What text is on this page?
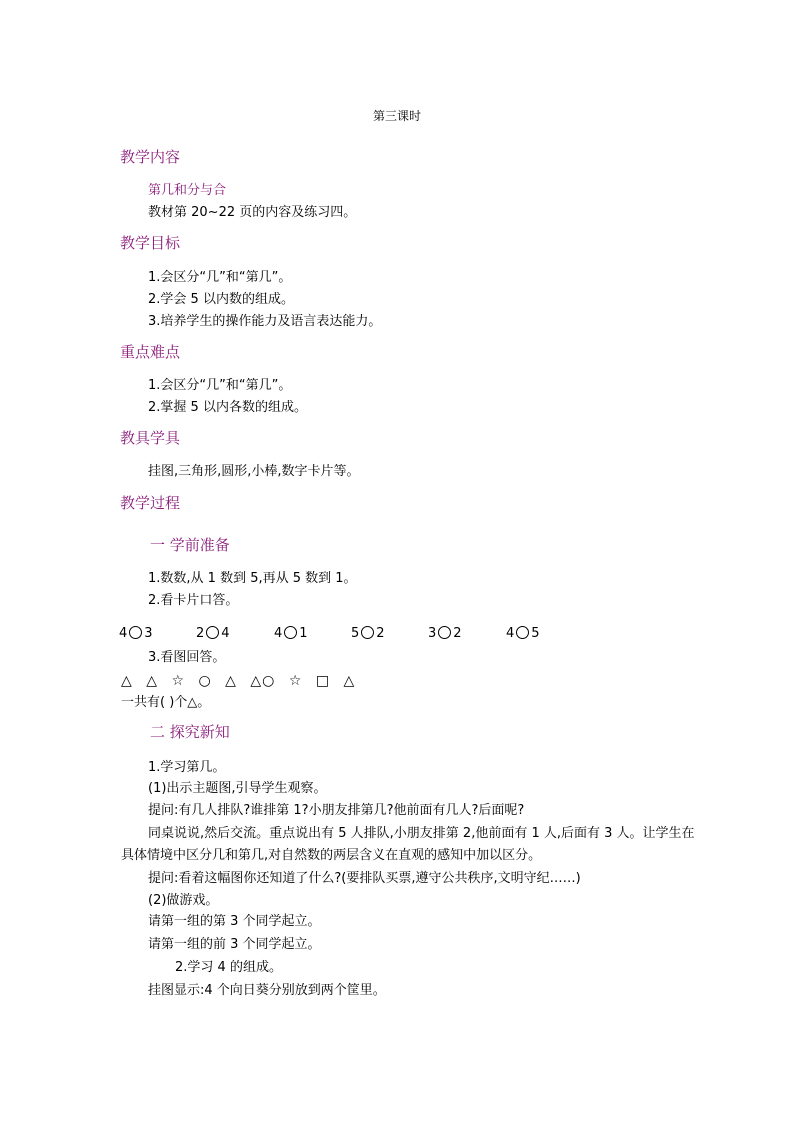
第三课时
教学内容
第几和分与合
教材第 20~22 页的内容及练习四。
教学目标
1.会区分“几”和“第几”。
2.学会 5 以内数的组成。
3.培养学生的操作能力及语言表达能力。
重点难点
1.会区分“几”和“第几”。
2.掌握 5 以内各数的组成。
教具学具
挂图,三角形,圆形,小棒,数字卡片等。
教学过程
一 学前准备
1.数数,从 1 数到 5,再从 5 数到 1。
2.看卡片口答。
4 3	2 4	4 1	5 2	3 2	4 5
3.看图回答。
△ △ ☆ ○ △ △○ ☆ □ △
一共有( )个△。
二 探究新知
1.学习第几。
(1)出示主题图,引导学生观察。
提问:有几人排队?谁排第 1?小朋友排第几?他前面有几人?后面呢?
同桌说说,然后交流。重点说出有 5 人排队,小朋友排第 2,他前面有 1 人,后面有 3 人。让学生在具体情境中区分几和第几,对自然数的两层含义在直观的感知中加以区分。
提问:看着这幅图你还知道了什么?(要排队买票,遵守公共秩序,文明守纪……)
(2)做游戏。
请第一组的第 3 个同学起立。
请第一组的前 3 个同学起立。
2.学习 4 的组成。
挂图显示:4 个向日葵分别放到两个筐里。
